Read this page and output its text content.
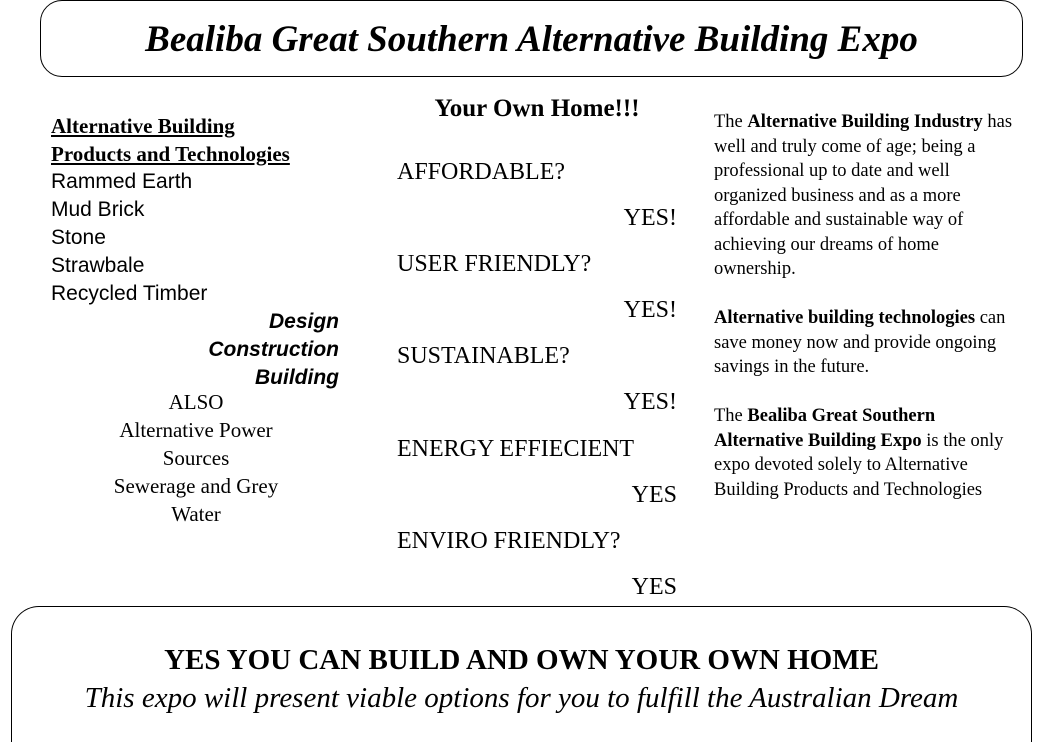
Bealiba Great Southern Alternative Building Expo
Alternative Building
Products and Technologies
Rammed Earth
Mud Brick
Stone
Strawbale
Recycled Timber
Design
Construction
Building
ALSO
Alternative Power
Sources
Sewerage and Grey
Water
Your Own Home!!!
AFFORDABLE?
YES!
USER FRIENDLY?
YES!
SUSTAINABLE?
YES!
ENERGY EFFIECIENT
YES
ENVIRO FRIENDLY?
YES

The Alternative Building Industry has well and truly come of age; being a professional up to date and well organized business and as a more affordable and sustainable way of achieving our dreams of home ownership.

Alternative building technologies can save money now and provide ongoing savings in the future.

The Bealiba Great Southern Alternative Building Expo is the only expo devoted solely to Alternative Building Products and Technologies

YES YOU CAN BUILD AND OWN YOUR OWN HOME
This expo will present viable options for you to fulfill the Australian Dream
